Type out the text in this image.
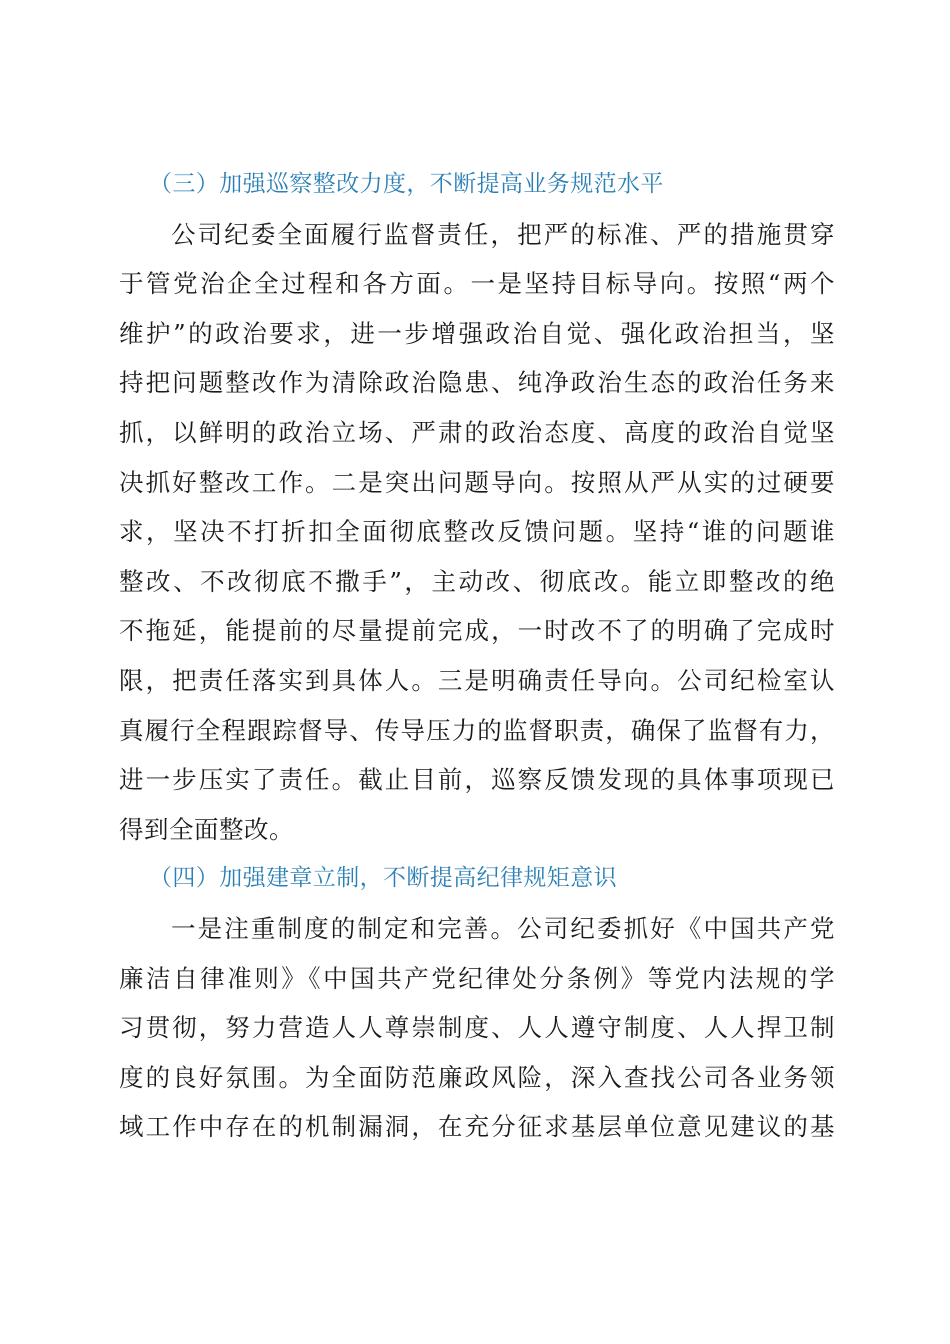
（三）加强巡察整改力度，不断提高业务规范水平
公司纪委全面履行监督责任，把严的标准、严的措施贯穿
于管党治企全过程和各方面。一是坚持目标导向。按照“两个
维护”的政治要求，进一步增强政治自觉、强化政治担当，坚
持把问题整改作为清除政治隐患、纯净政治生态的政治任务来
抓，以鲜明的政治立场、严肃的政治态度、高度的政治自觉坚
决抓好整改工作。二是突出问题导向。按照从严从实的过硬要
求，坚决不打折扣全面彻底整改反馈问题。坚持“谁的问题谁
整改、不改彻底不撒手”，主动改、彻底改。能立即整改的绝
不拖延，能提前的尽量提前完成，一时改不了的明确了完成时
限，把责任落实到具体人。三是明确责任导向。公司纪检室认
真履行全程跟踪督导、传导压力的监督职责，确保了监督有力，
进一步压实了责任。截止目前，巡察反馈发现的具体事项现已
得到全面整改。
（四）加强建章立制，不断提高纪律规矩意识
一是注重制度的制定和完善。公司纪委抓好《中国共产党
廉洁自律准则》《中国共产党纪律处分条例》等党内法规的学
习贯彻，努力营造人人尊崇制度、人人遵守制度、人人捍卫制
度的良好氛围。为全面防范廉政风险，深入查找公司各业务领
域工作中存在的机制漏洞，在充分征求基层单位意见建议的基
